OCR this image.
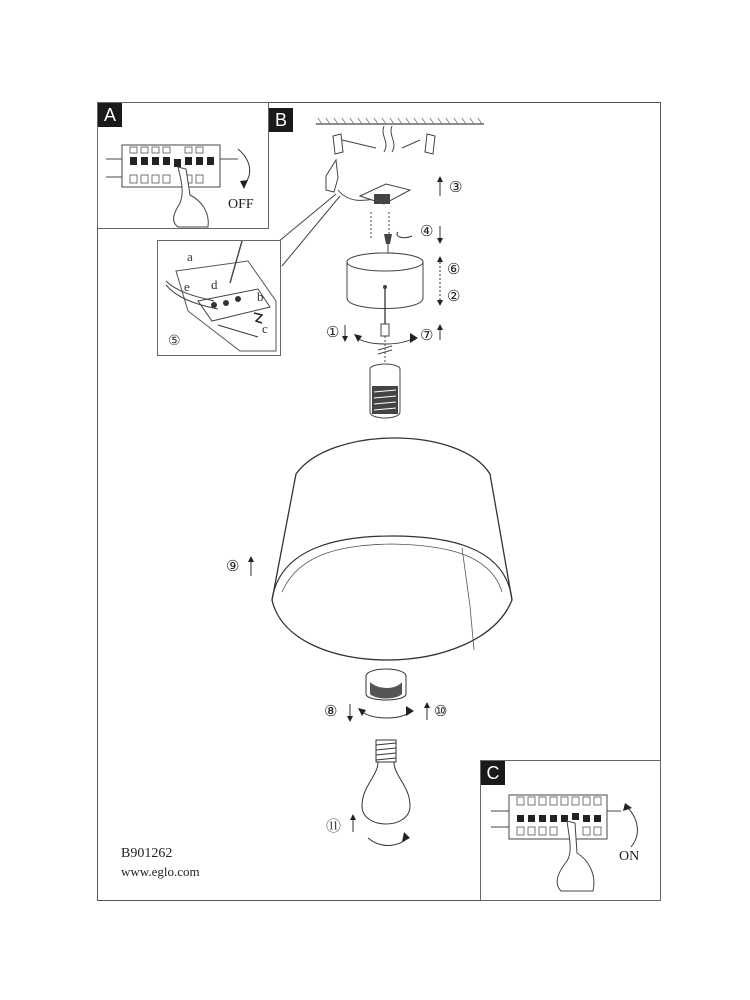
A
OFF
B
a
d
e
b
c
⑤
③
④
⑥
②
①	⑦
⑨
⑧	⑩
⑪
C
ON
B901262
www.eglo.com
